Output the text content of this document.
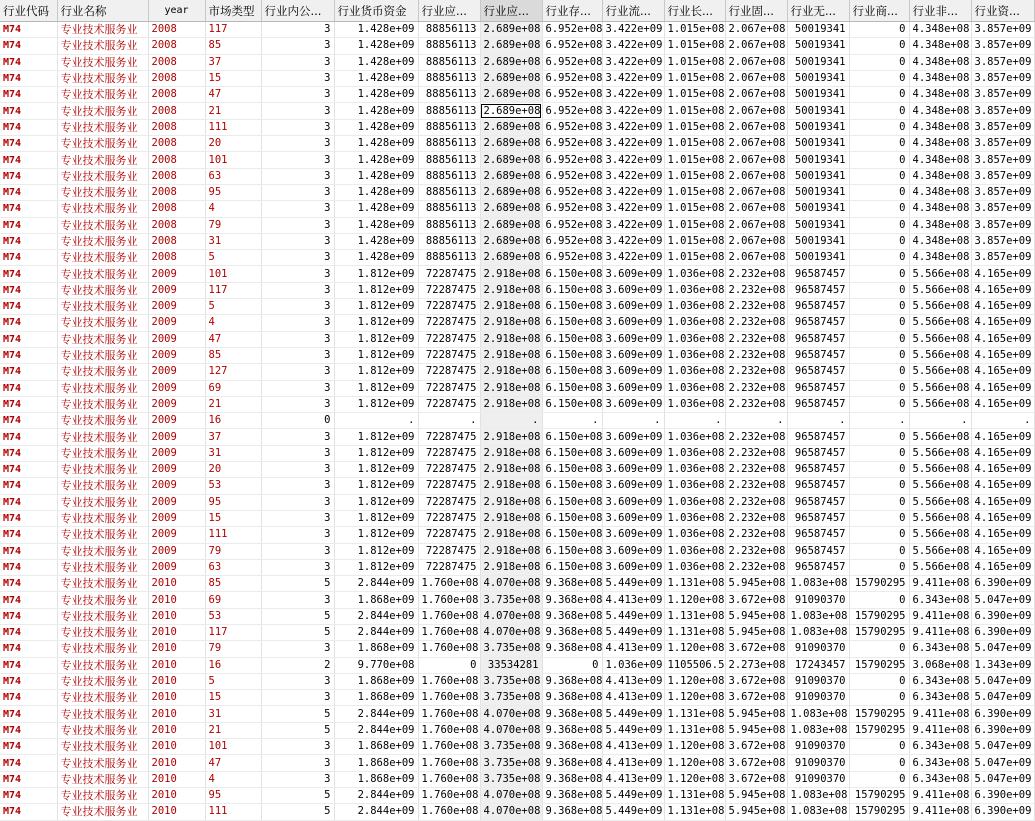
行业代码	行业名称	year	市场类型	行业内公...	行业货币资金	行业应...	行业应...	行业存...	行业流...	行业长...	行业固...	行业无...	行业商...	行业非...	行业资...
M74	专业技术服务业	2008	117	3	1.428e+09	88856113	2.689e+08	6.952e+08	3.422e+09	1.015e+08	2.067e+08	50019341	0	4.348e+08	3.857e+09
M74	专业技术服务业	2008	85	3	1.428e+09	88856113	2.689e+08	6.952e+08	3.422e+09	1.015e+08	2.067e+08	50019341	0	4.348e+08	3.857e+09
M74	专业技术服务业	2008	37	3	1.428e+09	88856113	2.689e+08	6.952e+08	3.422e+09	1.015e+08	2.067e+08	50019341	0	4.348e+08	3.857e+09
M74	专业技术服务业	2008	15	3	1.428e+09	88856113	2.689e+08	6.952e+08	3.422e+09	1.015e+08	2.067e+08	50019341	0	4.348e+08	3.857e+09
M74	专业技术服务业	2008	47	3	1.428e+09	88856113	2.689e+08	6.952e+08	3.422e+09	1.015e+08	2.067e+08	50019341	0	4.348e+08	3.857e+09
M74	专业技术服务业	2008	21	3	1.428e+09	88856113	2.689e+08	6.952e+08	3.422e+09	1.015e+08	2.067e+08	50019341	0	4.348e+08	3.857e+09
M74	专业技术服务业	2008	111	3	1.428e+09	88856113	2.689e+08	6.952e+08	3.422e+09	1.015e+08	2.067e+08	50019341	0	4.348e+08	3.857e+09
M74	专业技术服务业	2008	20	3	1.428e+09	88856113	2.689e+08	6.952e+08	3.422e+09	1.015e+08	2.067e+08	50019341	0	4.348e+08	3.857e+09
M74	专业技术服务业	2008	101	3	1.428e+09	88856113	2.689e+08	6.952e+08	3.422e+09	1.015e+08	2.067e+08	50019341	0	4.348e+08	3.857e+09
M74	专业技术服务业	2008	63	3	1.428e+09	88856113	2.689e+08	6.952e+08	3.422e+09	1.015e+08	2.067e+08	50019341	0	4.348e+08	3.857e+09
M74	专业技术服务业	2008	95	3	1.428e+09	88856113	2.689e+08	6.952e+08	3.422e+09	1.015e+08	2.067e+08	50019341	0	4.348e+08	3.857e+09
M74	专业技术服务业	2008	4	3	1.428e+09	88856113	2.689e+08	6.952e+08	3.422e+09	1.015e+08	2.067e+08	50019341	0	4.348e+08	3.857e+09
M74	专业技术服务业	2008	79	3	1.428e+09	88856113	2.689e+08	6.952e+08	3.422e+09	1.015e+08	2.067e+08	50019341	0	4.348e+08	3.857e+09
M74	专业技术服务业	2008	31	3	1.428e+09	88856113	2.689e+08	6.952e+08	3.422e+09	1.015e+08	2.067e+08	50019341	0	4.348e+08	3.857e+09
M74	专业技术服务业	2008	5	3	1.428e+09	88856113	2.689e+08	6.952e+08	3.422e+09	1.015e+08	2.067e+08	50019341	0	4.348e+08	3.857e+09
M74	专业技术服务业	2009	101	3	1.812e+09	72287475	2.918e+08	6.150e+08	3.609e+09	1.036e+08	2.232e+08	96587457	0	5.566e+08	4.165e+09
M74	专业技术服务业	2009	117	3	1.812e+09	72287475	2.918e+08	6.150e+08	3.609e+09	1.036e+08	2.232e+08	96587457	0	5.566e+08	4.165e+09
M74	专业技术服务业	2009	5	3	1.812e+09	72287475	2.918e+08	6.150e+08	3.609e+09	1.036e+08	2.232e+08	96587457	0	5.566e+08	4.165e+09
M74	专业技术服务业	2009	4	3	1.812e+09	72287475	2.918e+08	6.150e+08	3.609e+09	1.036e+08	2.232e+08	96587457	0	5.566e+08	4.165e+09
M74	专业技术服务业	2009	47	3	1.812e+09	72287475	2.918e+08	6.150e+08	3.609e+09	1.036e+08	2.232e+08	96587457	0	5.566e+08	4.165e+09
M74	专业技术服务业	2009	85	3	1.812e+09	72287475	2.918e+08	6.150e+08	3.609e+09	1.036e+08	2.232e+08	96587457	0	5.566e+08	4.165e+09
M74	专业技术服务业	2009	127	3	1.812e+09	72287475	2.918e+08	6.150e+08	3.609e+09	1.036e+08	2.232e+08	96587457	0	5.566e+08	4.165e+09
M74	专业技术服务业	2009	69	3	1.812e+09	72287475	2.918e+08	6.150e+08	3.609e+09	1.036e+08	2.232e+08	96587457	0	5.566e+08	4.165e+09
M74	专业技术服务业	2009	21	3	1.812e+09	72287475	2.918e+08	6.150e+08	3.609e+09	1.036e+08	2.232e+08	96587457	0	5.566e+08	4.165e+09
M74	专业技术服务业	2009	16	0	.	.	.	.	.	.	.	.	.	.	.
M74	专业技术服务业	2009	37	3	1.812e+09	72287475	2.918e+08	6.150e+08	3.609e+09	1.036e+08	2.232e+08	96587457	0	5.566e+08	4.165e+09
M74	专业技术服务业	2009	31	3	1.812e+09	72287475	2.918e+08	6.150e+08	3.609e+09	1.036e+08	2.232e+08	96587457	0	5.566e+08	4.165e+09
M74	专业技术服务业	2009	20	3	1.812e+09	72287475	2.918e+08	6.150e+08	3.609e+09	1.036e+08	2.232e+08	96587457	0	5.566e+08	4.165e+09
M74	专业技术服务业	2009	53	3	1.812e+09	72287475	2.918e+08	6.150e+08	3.609e+09	1.036e+08	2.232e+08	96587457	0	5.566e+08	4.165e+09
M74	专业技术服务业	2009	95	3	1.812e+09	72287475	2.918e+08	6.150e+08	3.609e+09	1.036e+08	2.232e+08	96587457	0	5.566e+08	4.165e+09
M74	专业技术服务业	2009	15	3	1.812e+09	72287475	2.918e+08	6.150e+08	3.609e+09	1.036e+08	2.232e+08	96587457	0	5.566e+08	4.165e+09
M74	专业技术服务业	2009	111	3	1.812e+09	72287475	2.918e+08	6.150e+08	3.609e+09	1.036e+08	2.232e+08	96587457	0	5.566e+08	4.165e+09
M74	专业技术服务业	2009	79	3	1.812e+09	72287475	2.918e+08	6.150e+08	3.609e+09	1.036e+08	2.232e+08	96587457	0	5.566e+08	4.165e+09
M74	专业技术服务业	2009	63	3	1.812e+09	72287475	2.918e+08	6.150e+08	3.609e+09	1.036e+08	2.232e+08	96587457	0	5.566e+08	4.165e+09
M74	专业技术服务业	2010	85	5	2.844e+09	1.760e+08	4.070e+08	9.368e+08	5.449e+09	1.131e+08	5.945e+08	1.083e+08	15790295	9.411e+08	6.390e+09
M74	专业技术服务业	2010	69	3	1.868e+09	1.760e+08	3.735e+08	9.368e+08	4.413e+09	1.120e+08	3.672e+08	91090370	0	6.343e+08	5.047e+09
M74	专业技术服务业	2010	53	5	2.844e+09	1.760e+08	4.070e+08	9.368e+08	5.449e+09	1.131e+08	5.945e+08	1.083e+08	15790295	9.411e+08	6.390e+09
M74	专业技术服务业	2010	117	5	2.844e+09	1.760e+08	4.070e+08	9.368e+08	5.449e+09	1.131e+08	5.945e+08	1.083e+08	15790295	9.411e+08	6.390e+09
M74	专业技术服务业	2010	79	3	1.868e+09	1.760e+08	3.735e+08	9.368e+08	4.413e+09	1.120e+08	3.672e+08	91090370	0	6.343e+08	5.047e+09
M74	专业技术服务业	2010	16	2	9.770e+08	0	33534281	0	1.036e+09	1105506.5	2.273e+08	17243457	15790295	3.068e+08	1.343e+09
M74	专业技术服务业	2010	5	3	1.868e+09	1.760e+08	3.735e+08	9.368e+08	4.413e+09	1.120e+08	3.672e+08	91090370	0	6.343e+08	5.047e+09
M74	专业技术服务业	2010	15	3	1.868e+09	1.760e+08	3.735e+08	9.368e+08	4.413e+09	1.120e+08	3.672e+08	91090370	0	6.343e+08	5.047e+09
M74	专业技术服务业	2010	31	5	2.844e+09	1.760e+08	4.070e+08	9.368e+08	5.449e+09	1.131e+08	5.945e+08	1.083e+08	15790295	9.411e+08	6.390e+09
M74	专业技术服务业	2010	21	5	2.844e+09	1.760e+08	4.070e+08	9.368e+08	5.449e+09	1.131e+08	5.945e+08	1.083e+08	15790295	9.411e+08	6.390e+09
M74	专业技术服务业	2010	101	3	1.868e+09	1.760e+08	3.735e+08	9.368e+08	4.413e+09	1.120e+08	3.672e+08	91090370	0	6.343e+08	5.047e+09
M74	专业技术服务业	2010	47	3	1.868e+09	1.760e+08	3.735e+08	9.368e+08	4.413e+09	1.120e+08	3.672e+08	91090370	0	6.343e+08	5.047e+09
M74	专业技术服务业	2010	4	3	1.868e+09	1.760e+08	3.735e+08	9.368e+08	4.413e+09	1.120e+08	3.672e+08	91090370	0	6.343e+08	5.047e+09
M74	专业技术服务业	2010	95	5	2.844e+09	1.760e+08	4.070e+08	9.368e+08	5.449e+09	1.131e+08	5.945e+08	1.083e+08	15790295	9.411e+08	6.390e+09
M74	专业技术服务业	2010	111	5	2.844e+09	1.760e+08	4.070e+08	9.368e+08	5.449e+09	1.131e+08	5.945e+08	1.083e+08	15790295	9.411e+08	6.390e+09
